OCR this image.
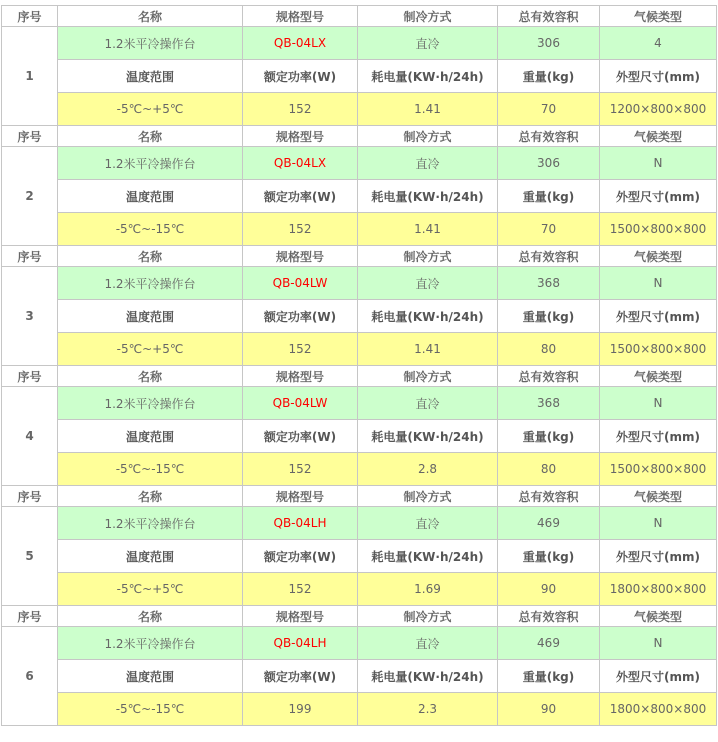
序号	名称	规格型号	制冷方式	总有效容积	气候类型
1	1.2米平冷操作台	QB-04LX	直冷	306	4
	温度范围	额定功率(W)	耗电量(KW·h/24h)	重量(kg)	外型尺寸(mm)
	-5℃~+5℃	152	1.41	70	1200×800×800
序号	名称	规格型号	制冷方式	总有效容积	气候类型
2	1.2米平冷操作台	QB-04LX	直冷	306	N
	温度范围	额定功率(W)	耗电量(KW·h/24h)	重量(kg)	外型尺寸(mm)
	-5℃~-15℃	152	1.41	70	1500×800×800
序号	名称	规格型号	制冷方式	总有效容积	气候类型
3	1.2米平冷操作台	QB-04LW	直冷	368	N
	温度范围	额定功率(W)	耗电量(KW·h/24h)	重量(kg)	外型尺寸(mm)
	-5℃~+5℃	152	1.41	80	1500×800×800
序号	名称	规格型号	制冷方式	总有效容积	气候类型
4	1.2米平冷操作台	QB-04LW	直冷	368	N
	温度范围	额定功率(W)	耗电量(KW·h/24h)	重量(kg)	外型尺寸(mm)
	-5℃~-15℃	152	2.8	80	1500×800×800
序号	名称	规格型号	制冷方式	总有效容积	气候类型
5	1.2米平冷操作台	QB-04LH	直冷	469	N
	温度范围	额定功率(W)	耗电量(KW·h/24h)	重量(kg)	外型尺寸(mm)
	-5℃~+5℃	152	1.69	90	1800×800×800
序号	名称	规格型号	制冷方式	总有效容积	气候类型
6	1.2米平冷操作台	QB-04LH	直冷	469	N
	温度范围	额定功率(W)	耗电量(KW·h/24h)	重量(kg)	外型尺寸(mm)
	-5℃~-15℃	199	2.3	90	1800×800×800
